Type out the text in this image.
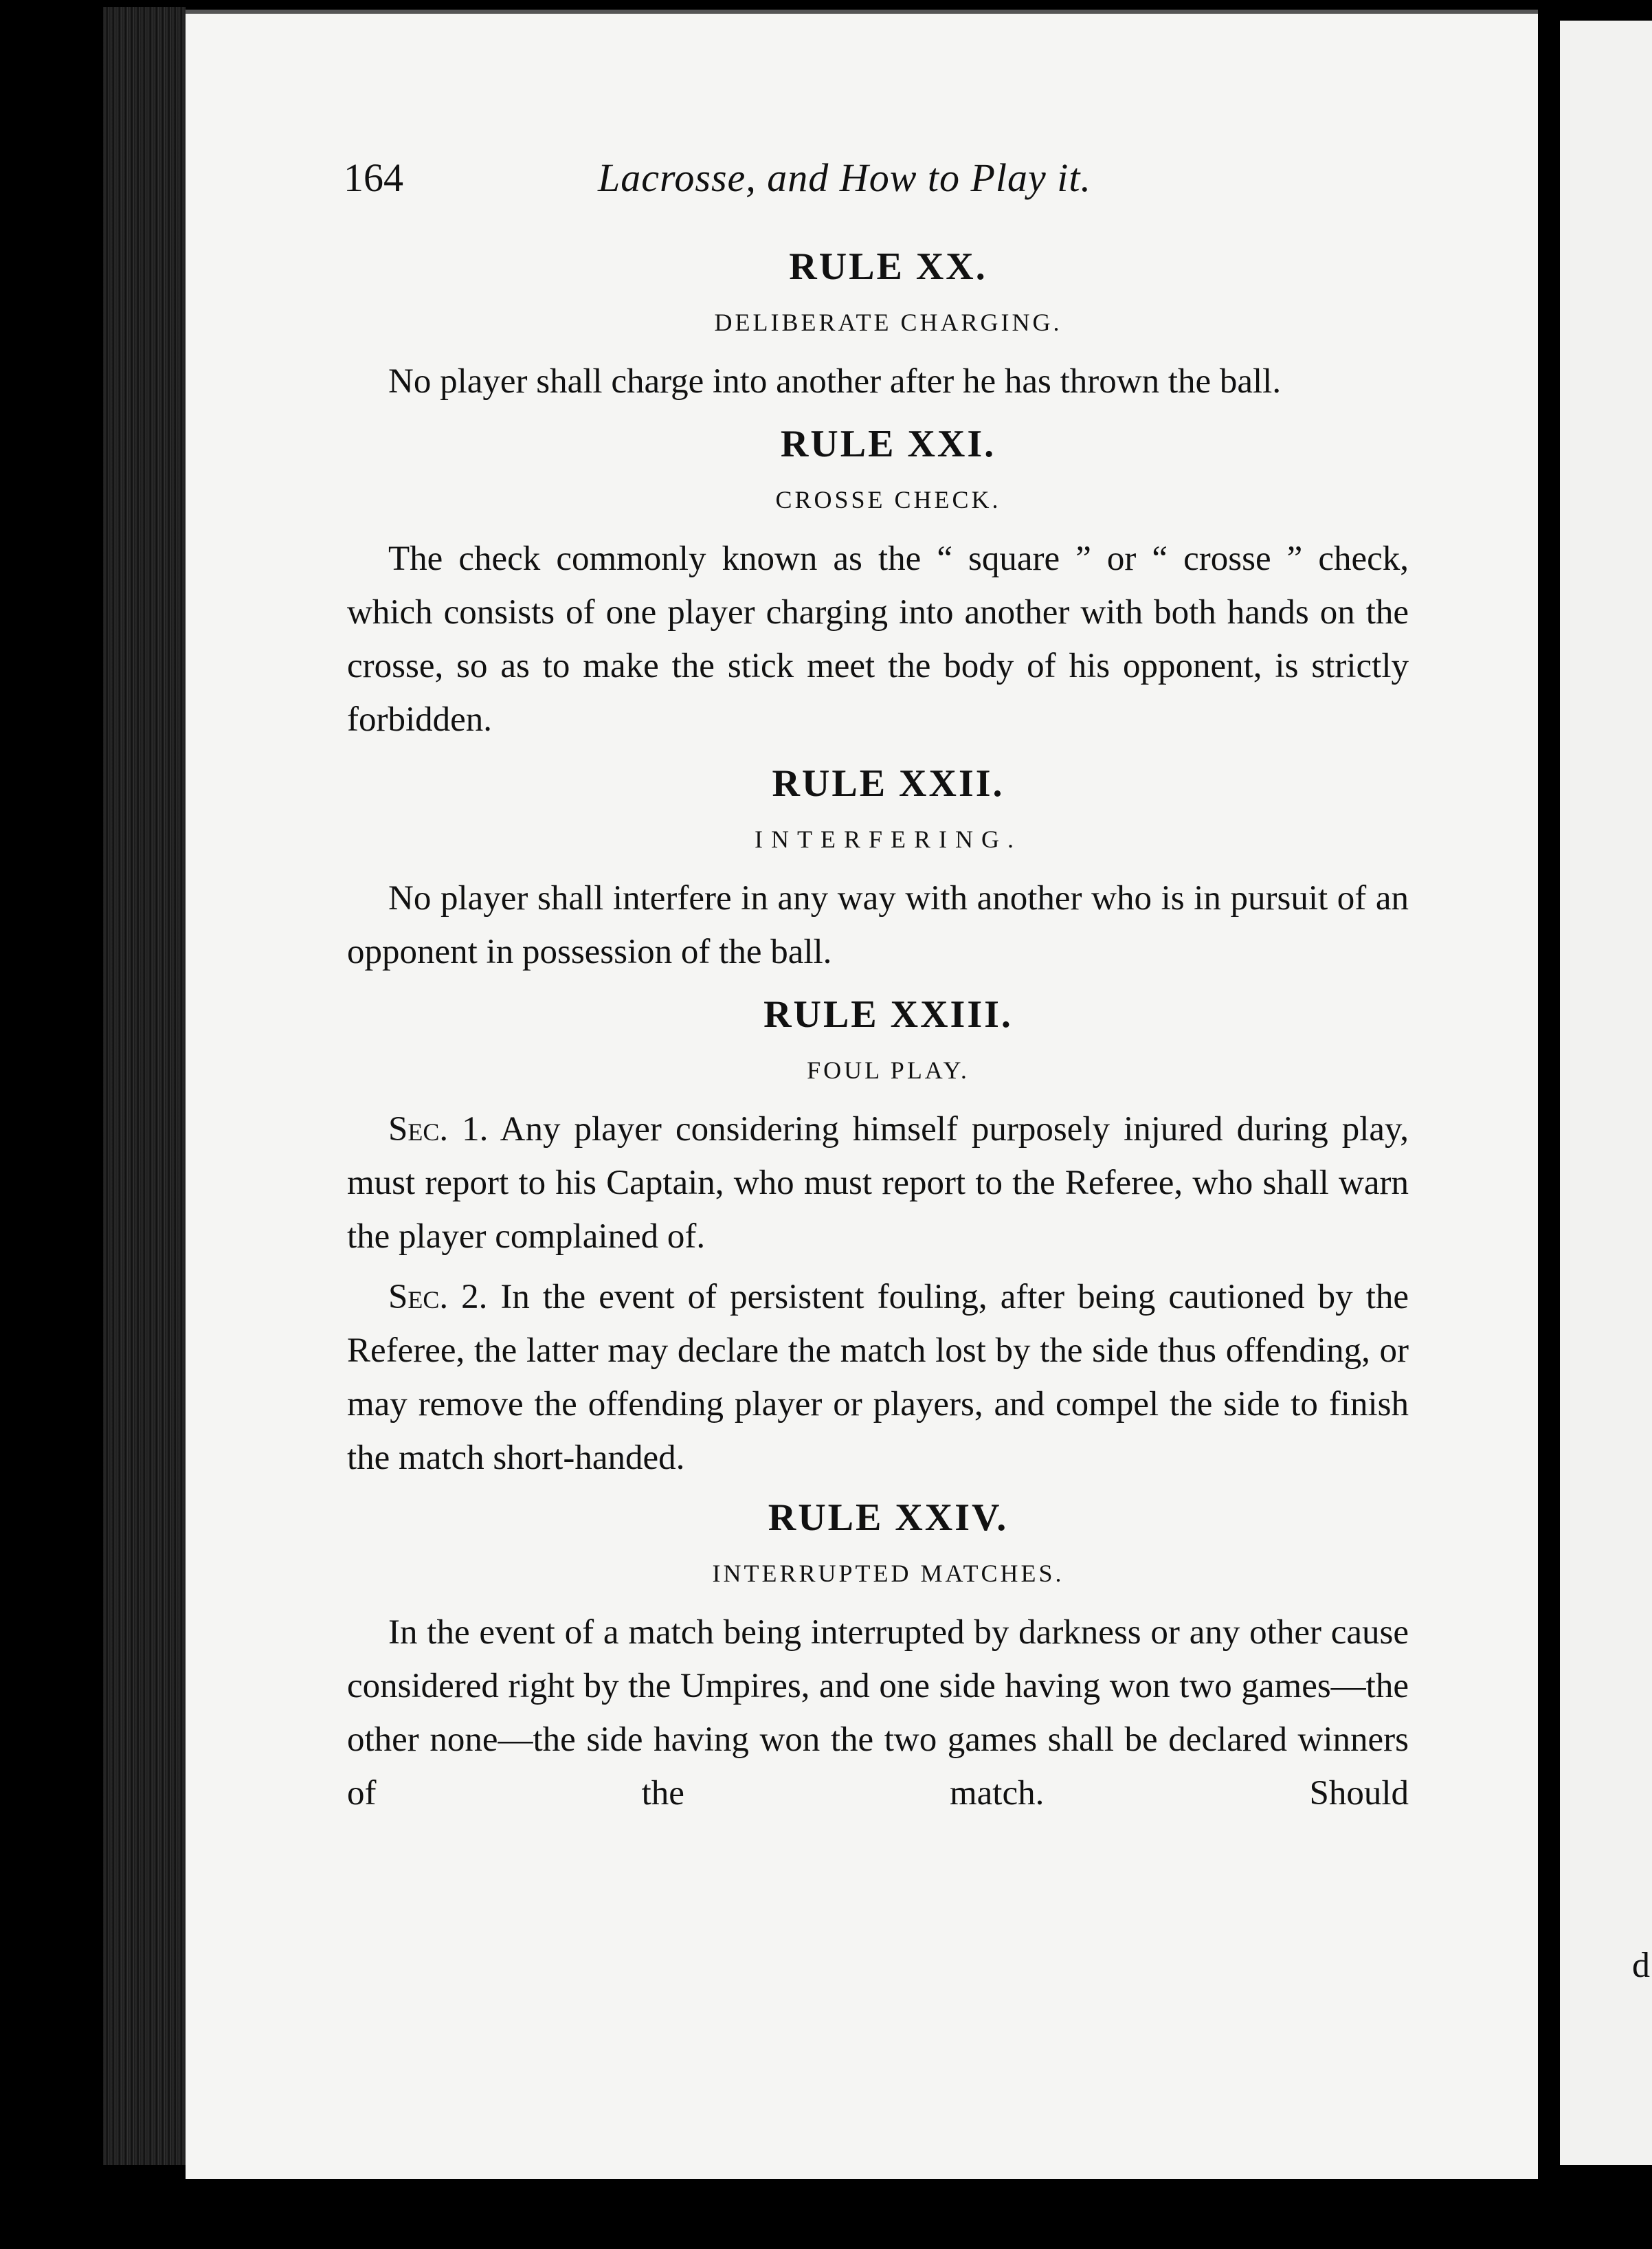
d
164	Lacrosse, and How to Play it.
RULE XX.
DELIBERATE CHARGING.

No player shall charge into another after he has thrown the ball.

RULE XXI.
CROSSE CHECK.

The check commonly known as the “ square ” or “ crosse ” check, which consists of one player charging into another with both hands on the crosse, so as to make the stick meet the body of his opponent, is strictly forbidden.

RULE XXII.
INTERFERING.

No player shall interfere in any way with another who is in pursuit of an opponent in possession of the ball.

RULE XXIII.
FOUL PLAY.

Sec. 1. Any player considering himself purposely injured during play, must report to his Captain, who must report to the Referee, who shall warn the player complained of.

Sec. 2. In the event of persistent fouling, after being cautioned by the Referee, the latter may declare the match lost by the side thus offending, or may remove the offending player or players, and compel the side to finish the match short-handed.

RULE XXIV.
INTERRUPTED MATCHES.

In the event of a match being interrupted by darkness or any other cause considered right by the Umpires, and one side having won two games—the other none—the side having won the two games shall be declared winners of the match. Should
